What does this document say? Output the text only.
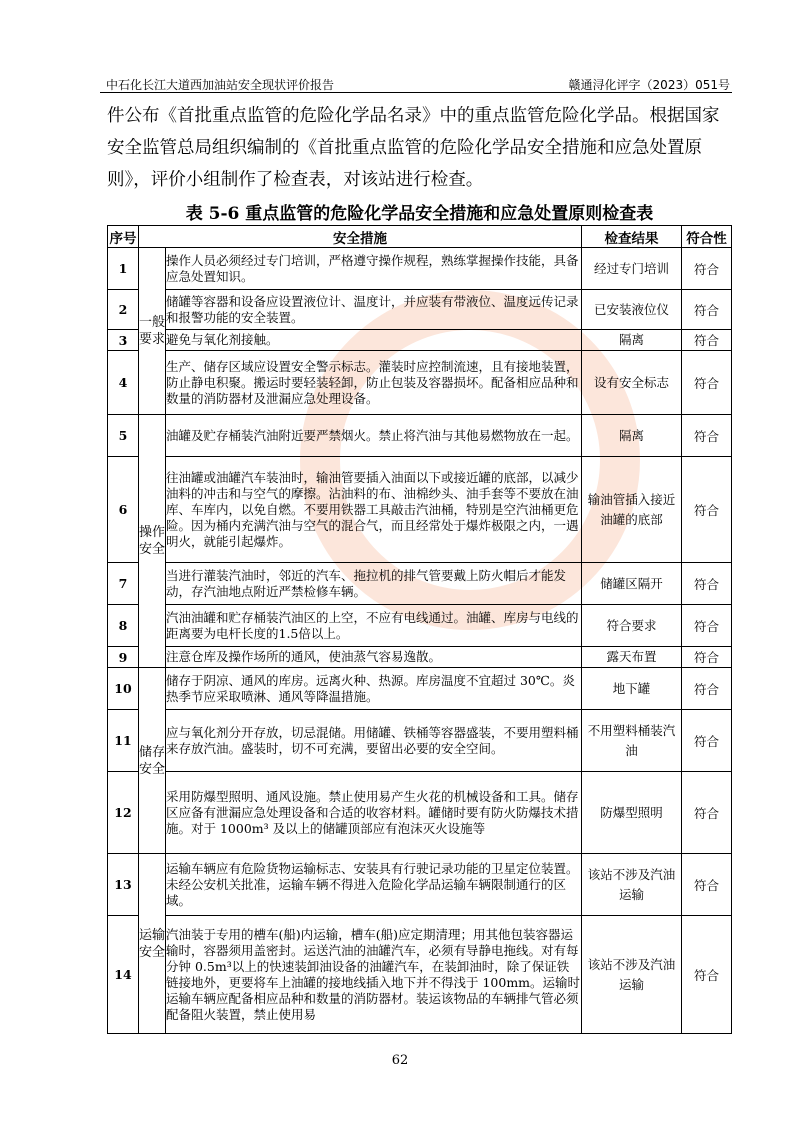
中石化长江大道西加油站安全现状评价报告	赣通浔化评字（2023）051号
件公布《首批重点监管的危险化学品名录》中的重点监管危险化学品。根据国家安全监管总局组织编制的《首批重点监管的危险化学品安全措施和应急处置原则》，评价小组制作了检查表，对该站进行检查。
表 5-6 重点监管的危险化学品安全措施和应急处置原则检查表
序号	安全措施		检查结果	符合性
1	一般要求	操作人员必须经过专门培训，严格遵守操作规程，熟练掌握操作技能，具备应急处置知识。	经过专门培训	符合
2		储罐等容器和设备应设置液位计、温度计，并应装有带液位、温度远传记录和报警功能的安全装置。	已安装液位仪	符合
3		避免与氧化剂接触。	隔离	符合
4		生产、储存区域应设置安全警示标志。灌装时应控制流速，且有接地装置，防止静电积聚。搬运时要轻装轻卸，防止包装及容器损坏。配备相应品种和数量的消防器材及泄漏应急处理设备。	设有安全标志	符合
5	操作安全	油罐及贮存桶装汽油附近要严禁烟火。禁止将汽油与其他易燃物放在一起。	隔离	符合
6		往油罐或油罐汽车装油时，输油管要插入油面以下或接近罐的底部，以减少油料的冲击和与空气的摩擦。沾油料的布、油棉纱头、油手套等不要放在油库、车库内，以免自燃。不要用铁器工具敲击汽油桶，特别是空汽油桶更危险。因为桶内充满汽油与空气的混合气，而且经常处于爆炸极限之内，一遇明火，就能引起爆炸。	输油管插入接近油罐的底部	符合
7		当进行灌装汽油时，邻近的汽车、拖拉机的排气管要戴上防火帽后才能发动，存汽油地点附近严禁检修车辆。	储罐区隔开	符合
8		汽油油罐和贮存桶装汽油区的上空，不应有电线通过。油罐、库房与电线的距离要为电杆长度的1.5倍以上。	符合要求	符合
9		注意仓库及操作场所的通风，使油蒸气容易逸散。	露天布置	符合
10	储存安全	储存于阴凉、通风的库房。远离火种、热源。库房温度不宜超过 30℃。炎热季节应采取喷淋、通风等降温措施。	地下罐	符合
11		应与氧化剂分开存放，切忌混储。用储罐、铁桶等容器盛装，不要用塑料桶来存放汽油。盛装时，切不可充满，要留出必要的安全空间。	不用塑料桶装汽油	符合
12		采用防爆型照明、通风设施。禁止使用易产生火花的机械设备和工具。储存区应备有泄漏应急处理设备和合适的收容材料。罐储时要有防火防爆技术措施。对于 1000m³ 及以上的储罐顶部应有泡沫灭火设施等	防爆型照明	符合
13	运输安全	运输车辆应有危险货物运输标志、安装具有行驶记录功能的卫星定位装置。未经公安机关批准，运输车辆不得进入危险化学品运输车辆限制通行的区域。	该站不涉及汽油运输	符合
14		汽油装于专用的槽车(船)内运输，槽车(船)应定期清理；用其他包装容器运输时，容器须用盖密封。运送汽油的油罐汽车，必须有导静电拖线。对有每分钟 0.5m³以上的快速装卸油设备的油罐汽车，在装卸油时，除了保证铁链接地外，更要将车上油罐的接地线插入地下并不得浅于 100mm。运输时运输车辆应配备相应品种和数量的消防器材。装运该物品的车辆排气管必须配备阻火装置，禁止使用易	该站不涉及汽油运输	符合
62
